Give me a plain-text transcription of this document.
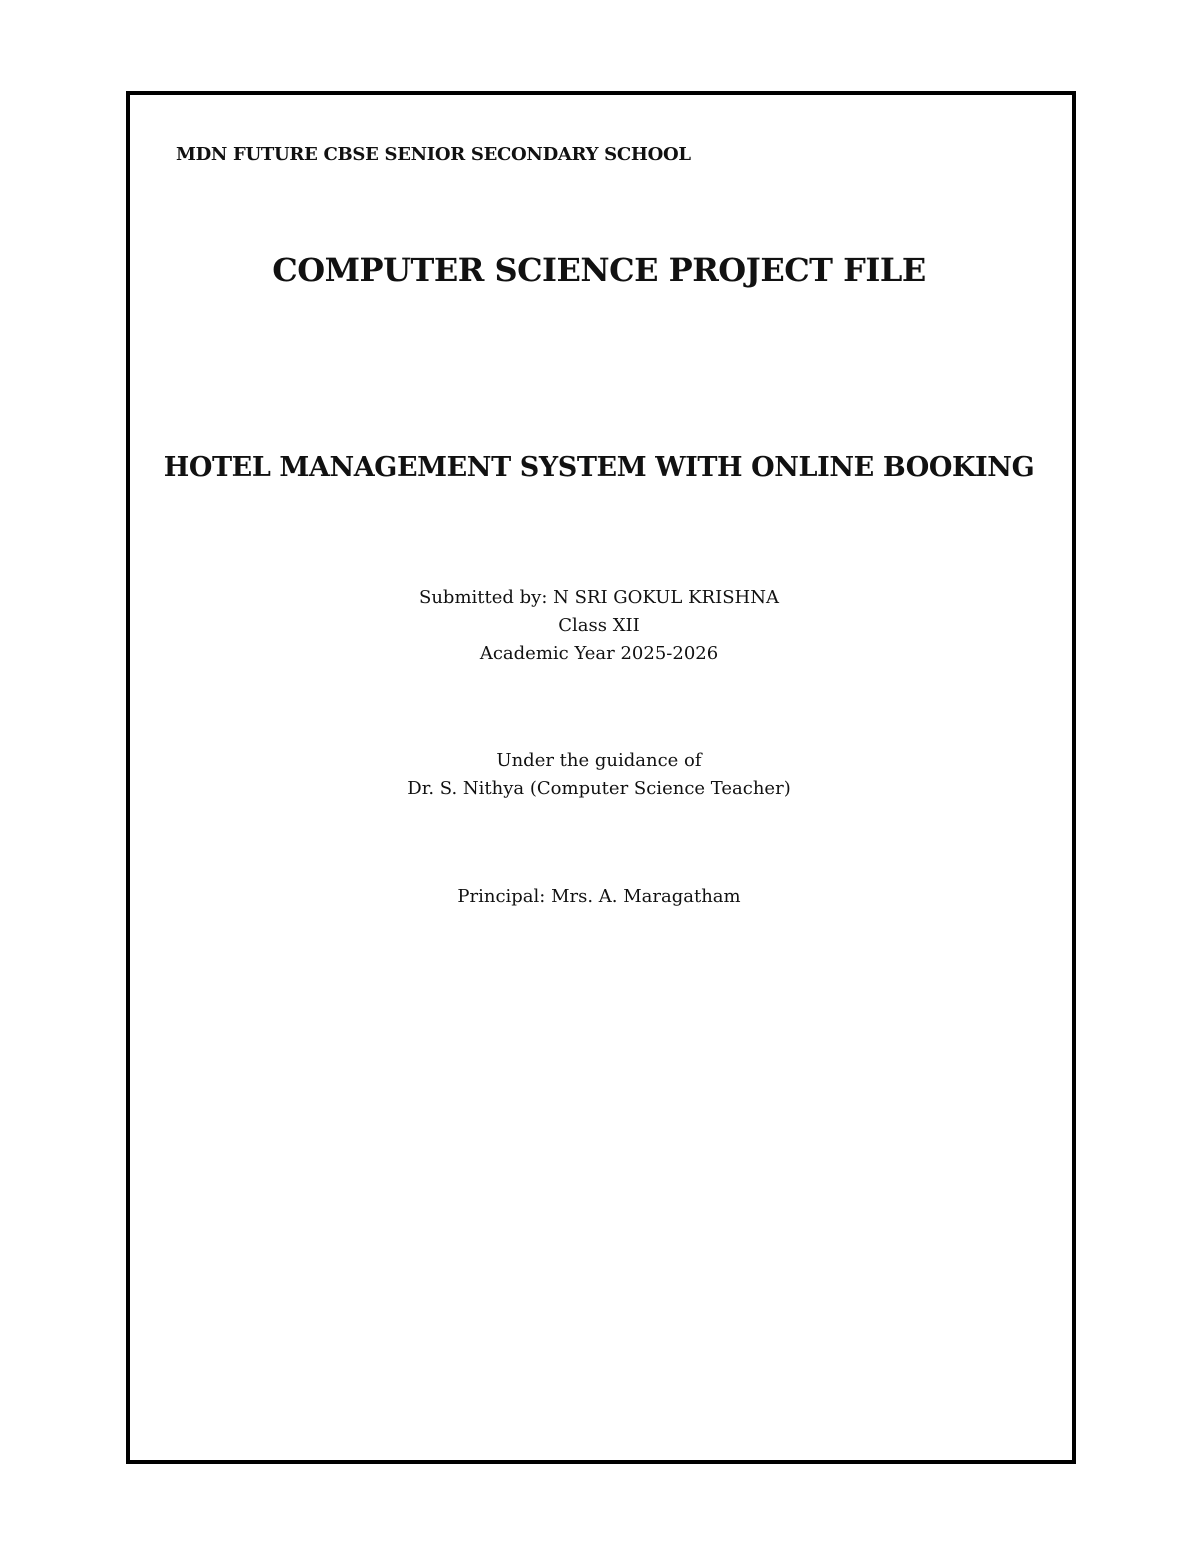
MDN FUTURE CBSE SENIOR SECONDARY SCHOOL
COMPUTER SCIENCE PROJECT FILE
HOTEL MANAGEMENT SYSTEM WITH ONLINE BOOKING
Submitted by: N SRI GOKUL KRISHNA
Class XII
Academic Year 2025-2026
Under the guidance of
Dr. S. Nithya (Computer Science Teacher)
Principal: Mrs. A. Maragatham
